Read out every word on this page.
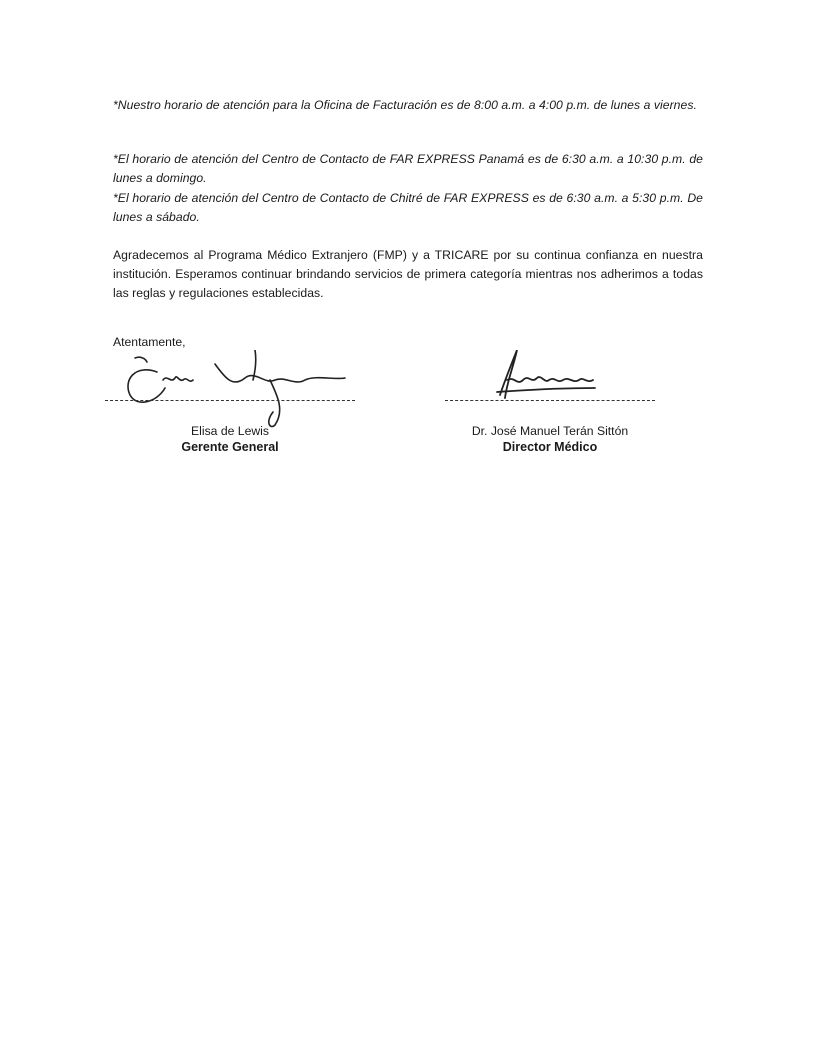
*Nuestro horario de atención para la Oficina de Facturación es de 8:00 a.m. a 4:00 p.m. de lunes a viernes.
*El horario de atención del Centro de Contacto de FAR EXPRESS Panamá es de 6:30 a.m. a 10:30 p.m. de lunes a domingo.
*El horario de atención del Centro de Contacto de Chitré de FAR EXPRESS es de 6:30 a.m. a 5:30 p.m. De lunes a sábado.
Agradecemos al Programa Médico Extranjero (FMP) y a TRICARE por su continua confianza en nuestra institución. Esperamos continuar brindando servicios de primera categoría mientras nos adherimos a todas las reglas y regulaciones establecidas.
Atentamente,
Elisa de Lewis
Gerente General
Dr. José Manuel Terán Sittón
Director Médico
